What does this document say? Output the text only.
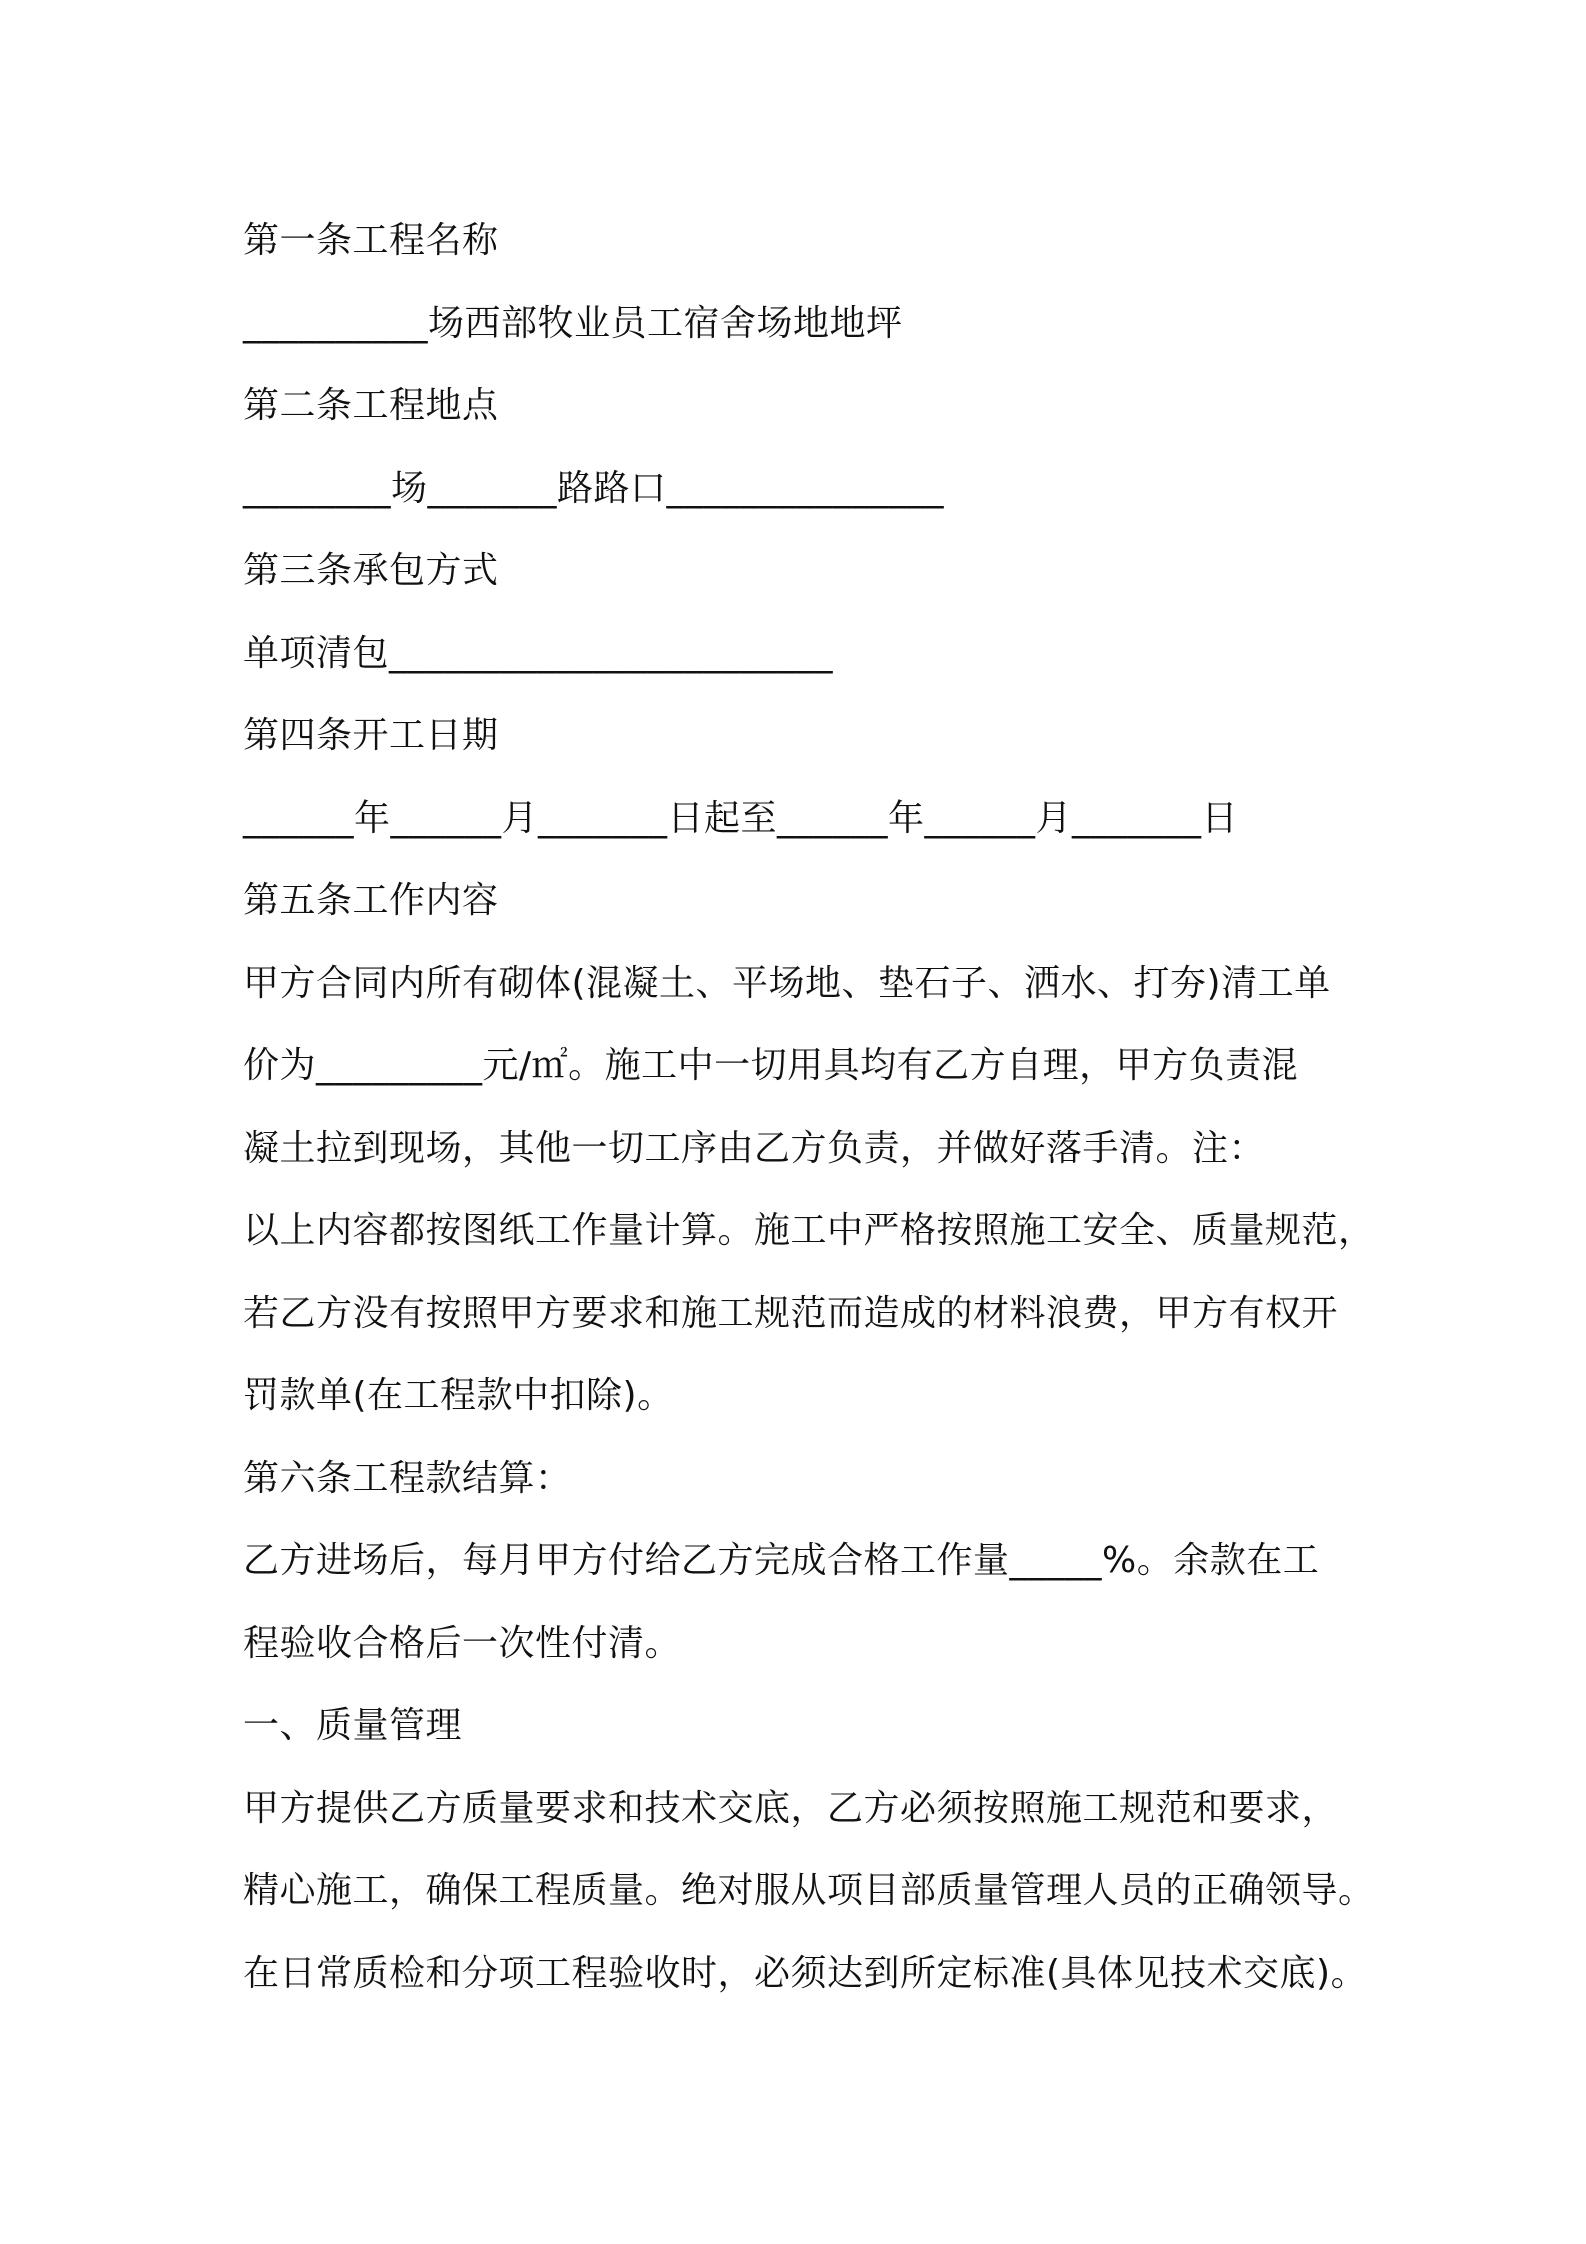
第一条工程名称
__________场西部牧业员工宿舍场地地坪
第二条工程地点
________场_______路路口_______________
第三条承包方式
单项清包________________________
第四条开工日期
______年______月_______日起至______年______月_______日
第五条工作内容
甲方合同内所有砌体(混凝土、平场地、垫石子、洒水、打夯)清工单
价为_________元/㎡。施工中一切用具均有乙方自理，甲方负责混
凝土拉到现场，其他一切工序由乙方负责，并做好落手清。注：
以上内容都按图纸工作量计算。施工中严格按照施工安全、质量规范，
若乙方没有按照甲方要求和施工规范而造成的材料浪费，甲方有权开
罚款单(在工程款中扣除)。
第六条工程款结算：
乙方进场后，每月甲方付给乙方完成合格工作量_____%。余款在工
程验收合格后一次性付清。
一、质量管理
甲方提供乙方质量要求和技术交底，乙方必须按照施工规范和要求，
精心施工，确保工程质量。绝对服从项目部质量管理人员的正确领导。
在日常质检和分项工程验收时，必须达到所定标准(具体见技术交底)。
